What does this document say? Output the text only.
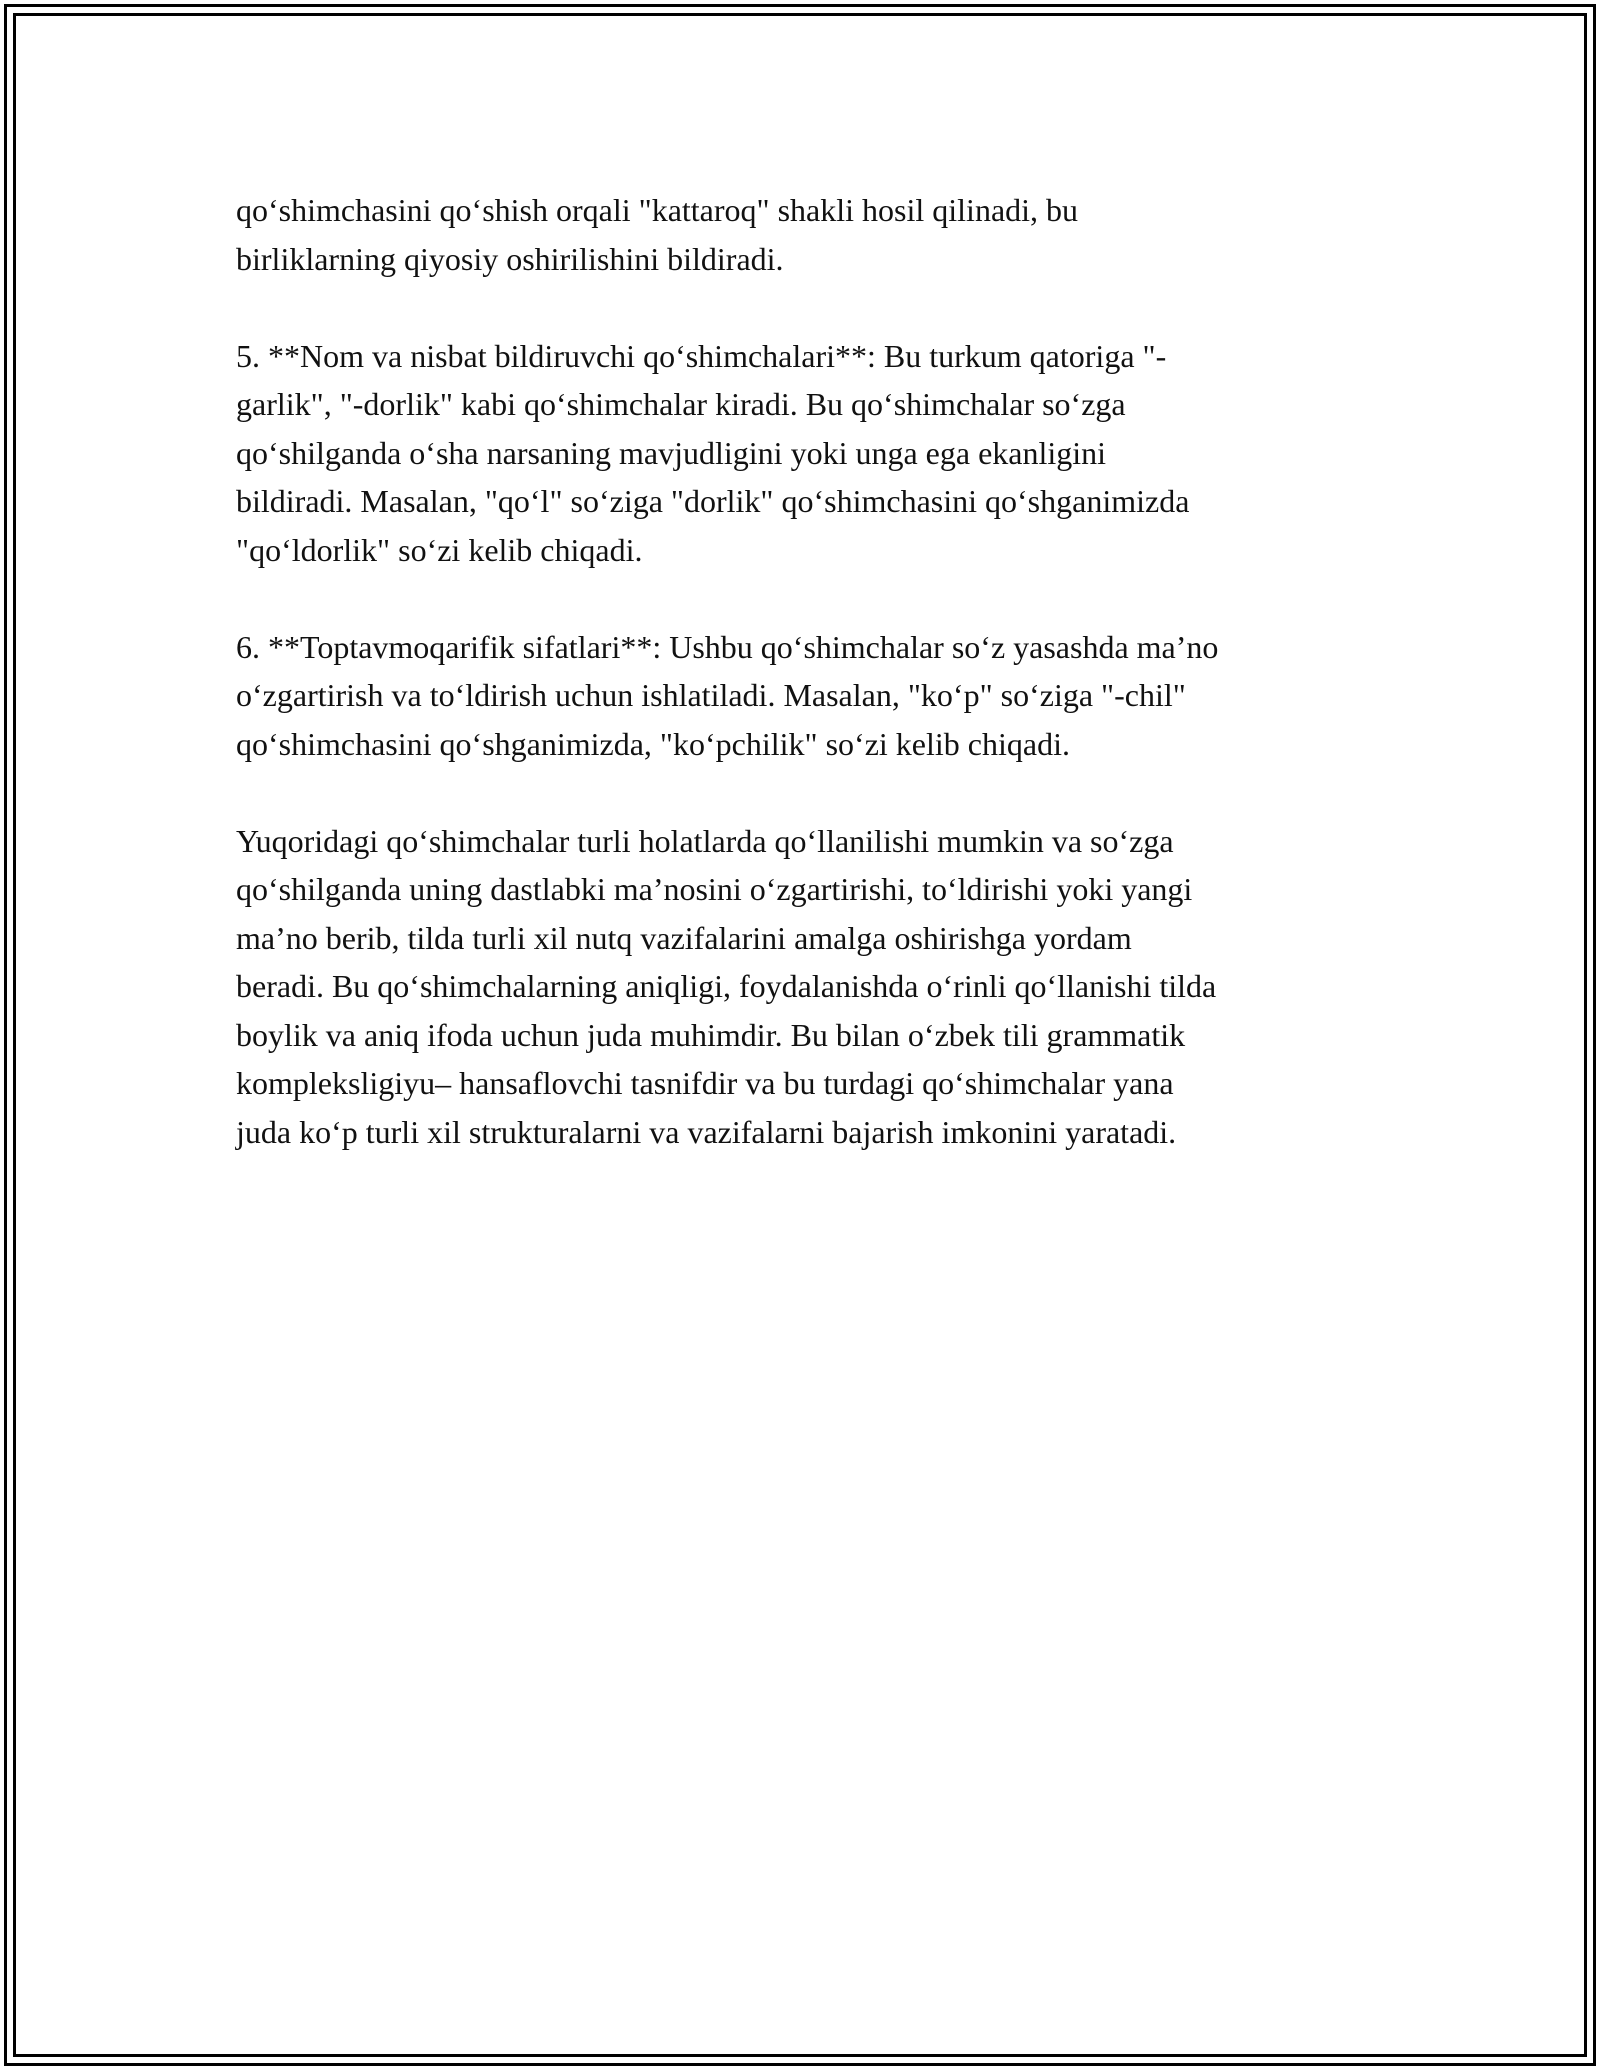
qo‘shimchasini qo‘shish orqali "kattaroq" shakli hosil qilinadi, bu
birliklarning qiyosiy oshirilishini bildiradi.

5. **Nom va nisbat bildiruvchi qo‘shimchalari**: Bu turkum qatoriga "-
garlik", "-dorlik" kabi qo‘shimchalar kiradi. Bu qo‘shimchalar so‘zga
qo‘shilganda o‘sha narsaning mavjudligini yoki unga ega ekanligini
bildiradi. Masalan, "qo‘l" so‘ziga "dorlik" qo‘shimchasini qo‘shganimizda
"qo‘ldorlik" so‘zi kelib chiqadi.

6. **Toptavmoqarifik sifatlari**: Ushbu qo‘shimchalar so‘z yasashda ma’no
o‘zgartirish va to‘ldirish uchun ishlatiladi. Masalan, "ko‘p" so‘ziga "-chil"
qo‘shimchasini qo‘shganimizda, "ko‘pchilik" so‘zi kelib chiqadi.

Yuqoridagi qo‘shimchalar turli holatlarda qo‘llanilishi mumkin va so‘zga
qo‘shilganda uning dastlabki ma’nosini o‘zgartirishi, to‘ldirishi yoki yangi
ma’no berib, tilda turli xil nutq vazifalarini amalga oshirishga yordam
beradi. Bu qo‘shimchalarning aniqligi, foydalanishda o‘rinli qo‘llanishi tilda
boylik va aniq ifoda uchun juda muhimdir. Bu bilan o‘zbek tili grammatik
kompleksligiyu– hansaflovchi tasnifdir va bu turdagi qo‘shimchalar yana
juda ko‘p turli xil strukturalarni va vazifalarni bajarish imkonini yaratadi.
